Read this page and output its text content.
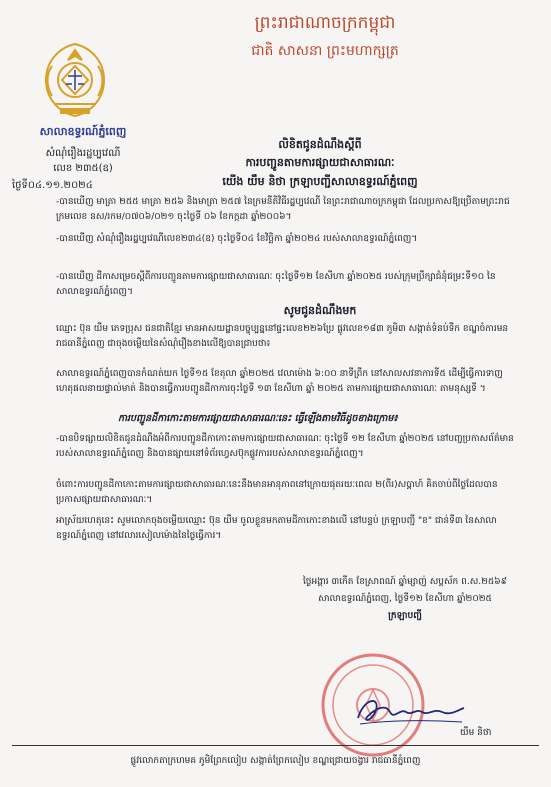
ព្រះរាជាណាចក្រកម្ពុជា
ជាតិ សាសនា ព្រះមហាក្សត្រ
សាលាឧទ្ធរណ៍ភ្នំពេញ
សំណុំរឿងរដ្ឋប្បវេណី
លេខ ២៣៥(ឧ)
ថ្ងៃទី០៤.១១.២០២៤
លិខិតជូនដំណឹងស្ដីពី
ការបញ្ជូនតាមការផ្សាយជាសាធារណៈ
យើង យឹម និថា ក្រឡាបញ្ជីសាលាឧទ្ធរណ៍ភ្នំពេញ
-បានឃើញ មាត្រា ២៥៥ មាត្រា ២៥៦ និងមាត្រា ២៥៧ នៃក្រមនីតិវិធីរដ្ឋប្បវេណី នៃព្រះរាជាណាចក្រកម្ពុជា ដែលប្រកាសឱ្យប្រើតាមព្រះរាជក្រមលេខ នស/រកម/០៧០៦/០២១ ចុះថ្ងៃទី ០៦ ខែកក្កដា ឆ្នាំ២០០៦។
-បានឃើញ សំណុំរឿងរដ្ឋប្បវេណីលេខ២៣៤(ឧ) ចុះថ្ងៃទី០៤ ខែវិច្ឆិកា ឆ្នាំ២០២៤ របស់សាលាឧទ្ធរណ៍ភ្នំពេញ។
-បានឃើញ ដីកាសម្រេចស្ដីពីការបញ្ជូនតាមការផ្សាយជាសាធារណៈ ចុះថ្ងៃទី១២ ខែសីហា ឆ្នាំ២០២៥ របស់ក្រុមប្រឹក្សាជំនុំជម្រះទី១០ នៃសាលាឧទ្ធរណ៍ភ្នំពេញ។
សូមជូនដំណឹងមក
ឈ្មោះ ប៊ុន យឹម ភេទប្រុស ជនជាតិខ្មែរ មានអាសយដ្ឋានបច្ចុប្បន្ននៅផ្ទះលេខ២២៦ប្រែ ផ្លូវលេខ១៨៣ ភូមិ៣ សង្កាត់ទំនប់ទឹក ខណ្ឌចំការមន រាជធានីភ្នំពេញ ជាចុងចម្លើយនៃសំណុំរឿងខាងលើឱ្យបានជ្រាបថា៖
សាលាឧទ្ធរណ៍ភ្នំពេញបានកំណត់យក ថ្ងៃទី១៥ ខែតុលា ឆ្នាំ២០២៥ វេលាម៉ោង ៦:០០ នាទីព្រឹក នៅសាលសវនាការទី៥ ដើម្បីធ្វើការទាញហេតុផលនាយផ្ទាល់មាត់ និងបានធ្វើការបញ្ជូនដីកាការចុះថ្ងៃទី ១៣ ខែសីហា ឆ្នាំ ២០២៥ តាមការផ្សាយជាសាធារណៈ តាមនុស្សទី ។
ការបញ្ជូនដីកាកោះតាមការផ្សាយជាសាធារណៈនេះ ធ្វើឡើងតាមវិធីដូចខាងក្រោម៖
-បានបិទផ្សាយលិខិតជូនដំណឹងអំពីការបញ្ជូនដីកាកោះតាមការផ្សាយជាសាធារណៈ ចុះថ្ងៃទី ១២ ខែសីហា ឆ្នាំ២០២៥ នៅបញ្ចប្រកាសព័ត៌មានរបស់សាលាឧទ្ធរណ៍ភ្នំពេញ និងបានផ្សាយនៅទំព័រហ្វេសប៊ុកផ្លូវការរបស់សាលាឧទ្ធរណ៍ភ្នំពេញ។
ចំពោះការបញ្ជូនដីកាកោះតាមការផ្សាយជាសាធារណៈនេះនឹងមានអានុភាពនៅក្រោយផុតរយៈពេល ២(ពីរ)សប្ដាហ៍ គិតចាប់ពីថ្ងៃដែលបានប្រកាសផ្សាយជាសាធារណៈ។
អាស្រ័យហេតុនេះ សូមលោកចុងចម្លើយឈ្មោះ ប៊ុន យឹម ចូលខ្លួនមកតាមដីកាកោះខាងលើ នៅបន្ទប់ ក្រឡាបញ្ជី "ខ" ជាន់ទី៣ នៃសាលាឧទ្ធរណ៍ភ្នំពេញ នៅវេលារសៀលម៉ោងនៃថ្ងៃធ្វើការ។
ថ្ងៃអង្គារ ៣កើត ខែស្រាពណ៍ ឆ្នាំម្សាញ់ សប្តស័ក ព.ស.២៥៦៩
សាលាឧទ្ធរណ៍ភ្នំពេញ, ថ្ងៃទី១២ ខែសីហា ឆ្នាំ២០២៥
ក្រឡាបញ្ជី
យឹម និថា
ផ្លូវលោកតាក្រហមគ ភូមិព្រែកលៀប សង្កាត់ព្រែកលៀប ខណ្ឌជ្រោយចង្វារ រាជធានីភ្នំពេញ
